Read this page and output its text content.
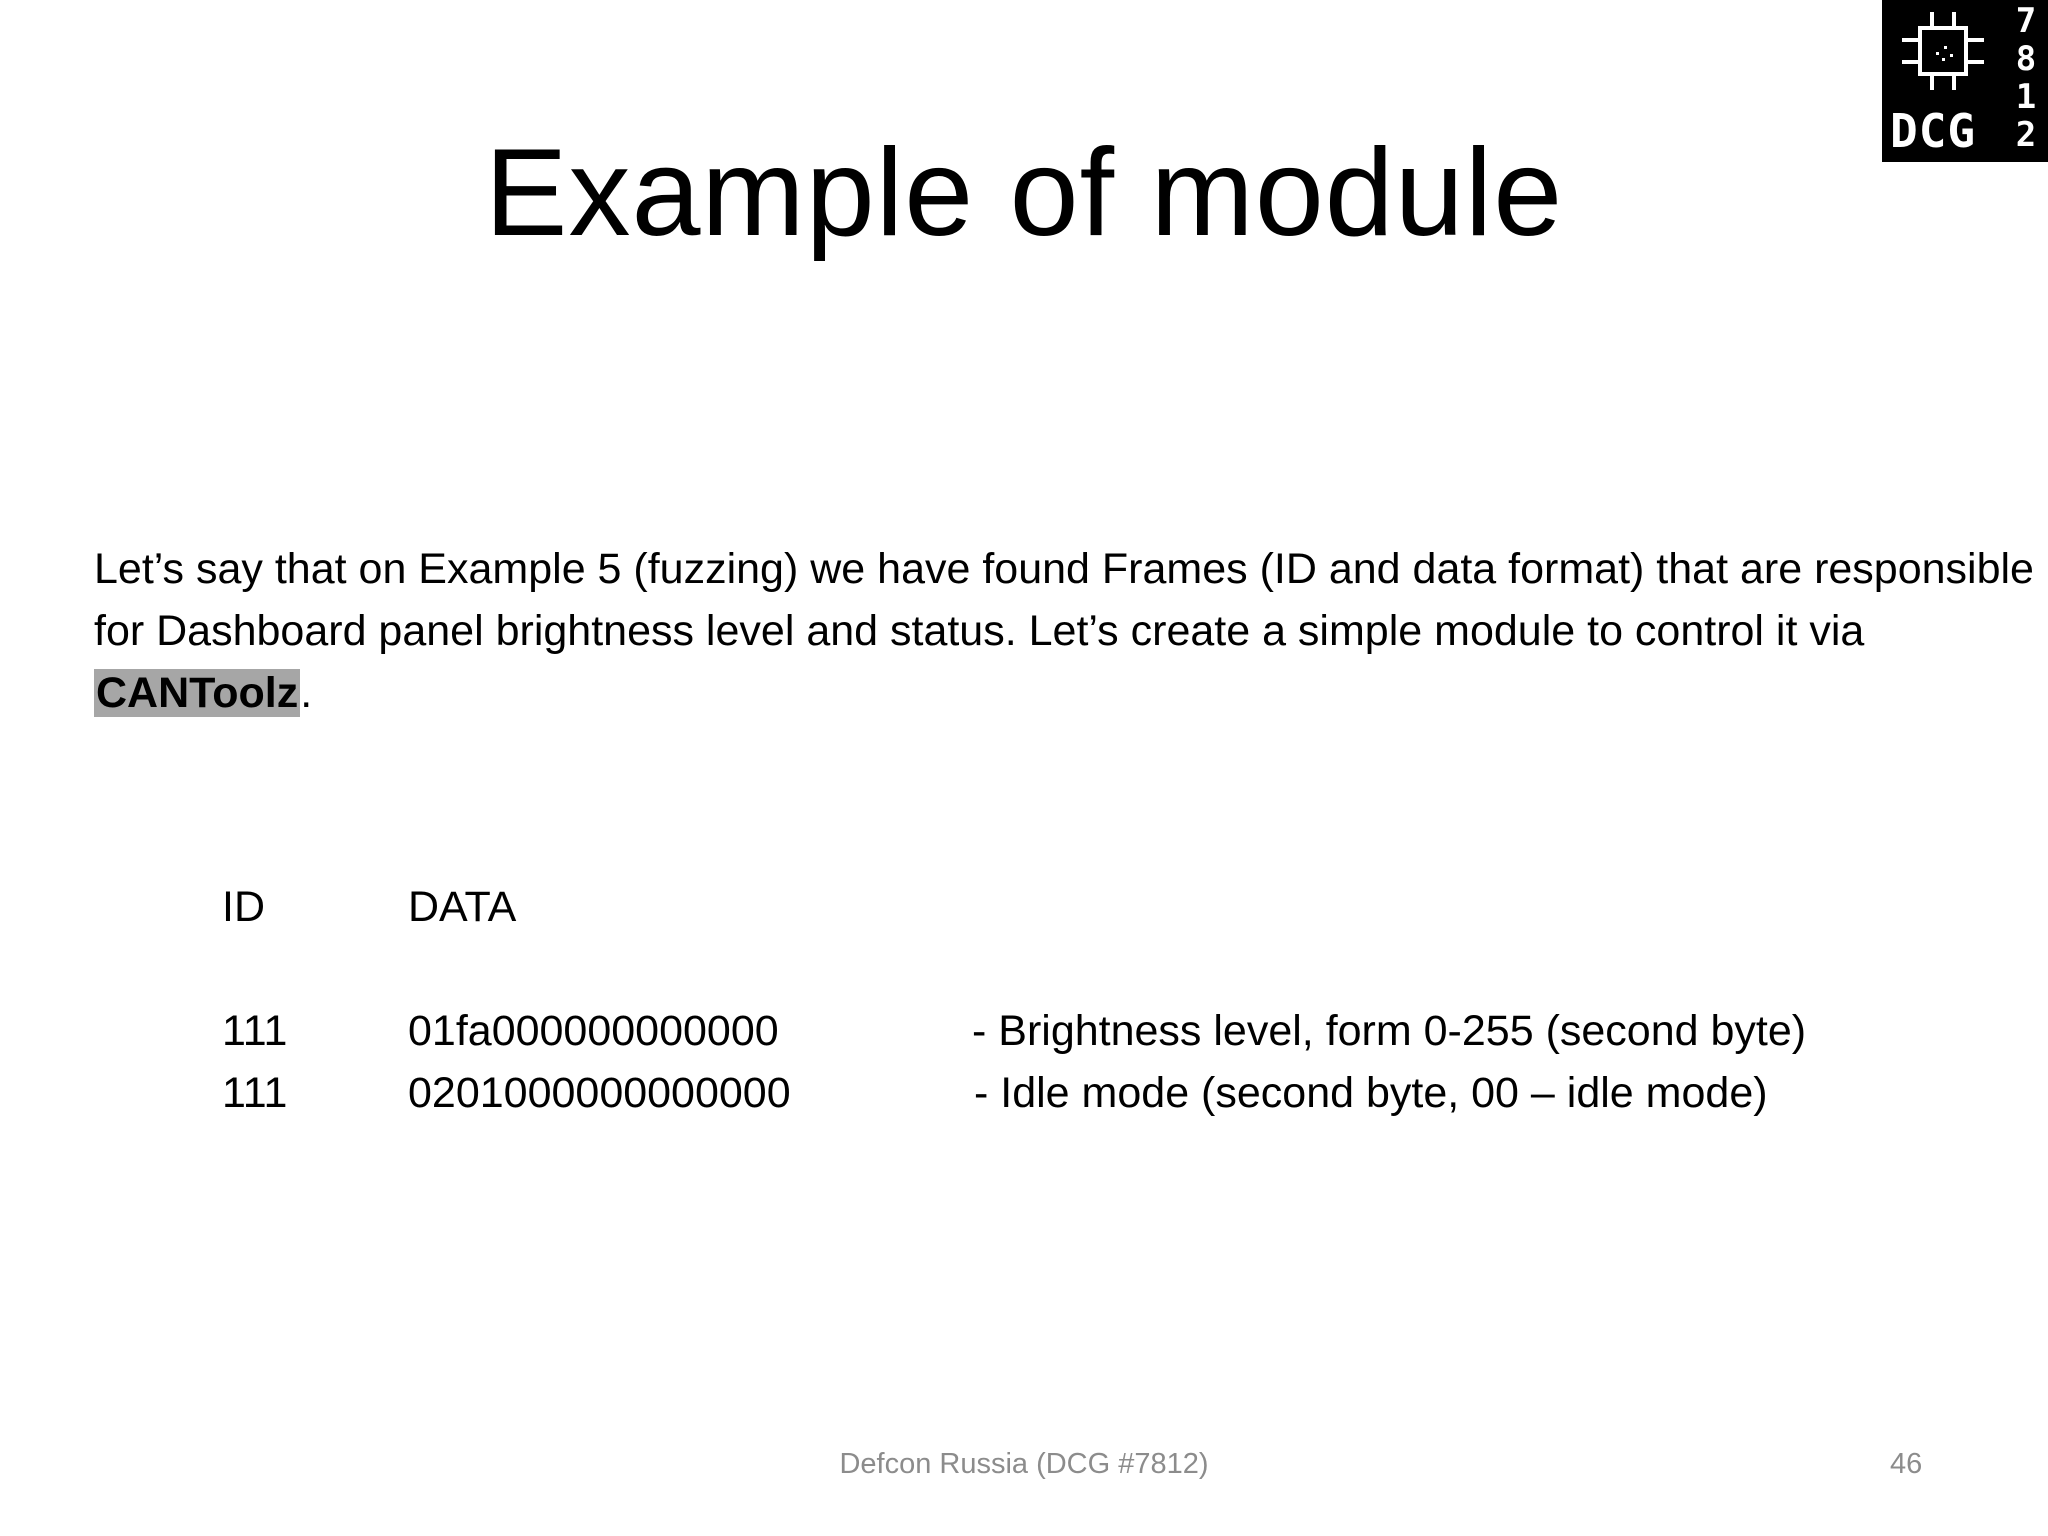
7
8
1
2
DCG
Example of module
Let’s say that on Example 5 (fuzzing) we have found Frames (ID and data format) that are responsible for Dashboard panel brightness level and status. Let’s create a simple module to control it via CANToolz.
ID	DATA
111	01fa000000000000	- Brightness level, form 0-255 (second byte)
111	0201000000000000	- Idle mode (second byte, 00 – idle mode)
Defcon Russia (DCG #7812)	46
